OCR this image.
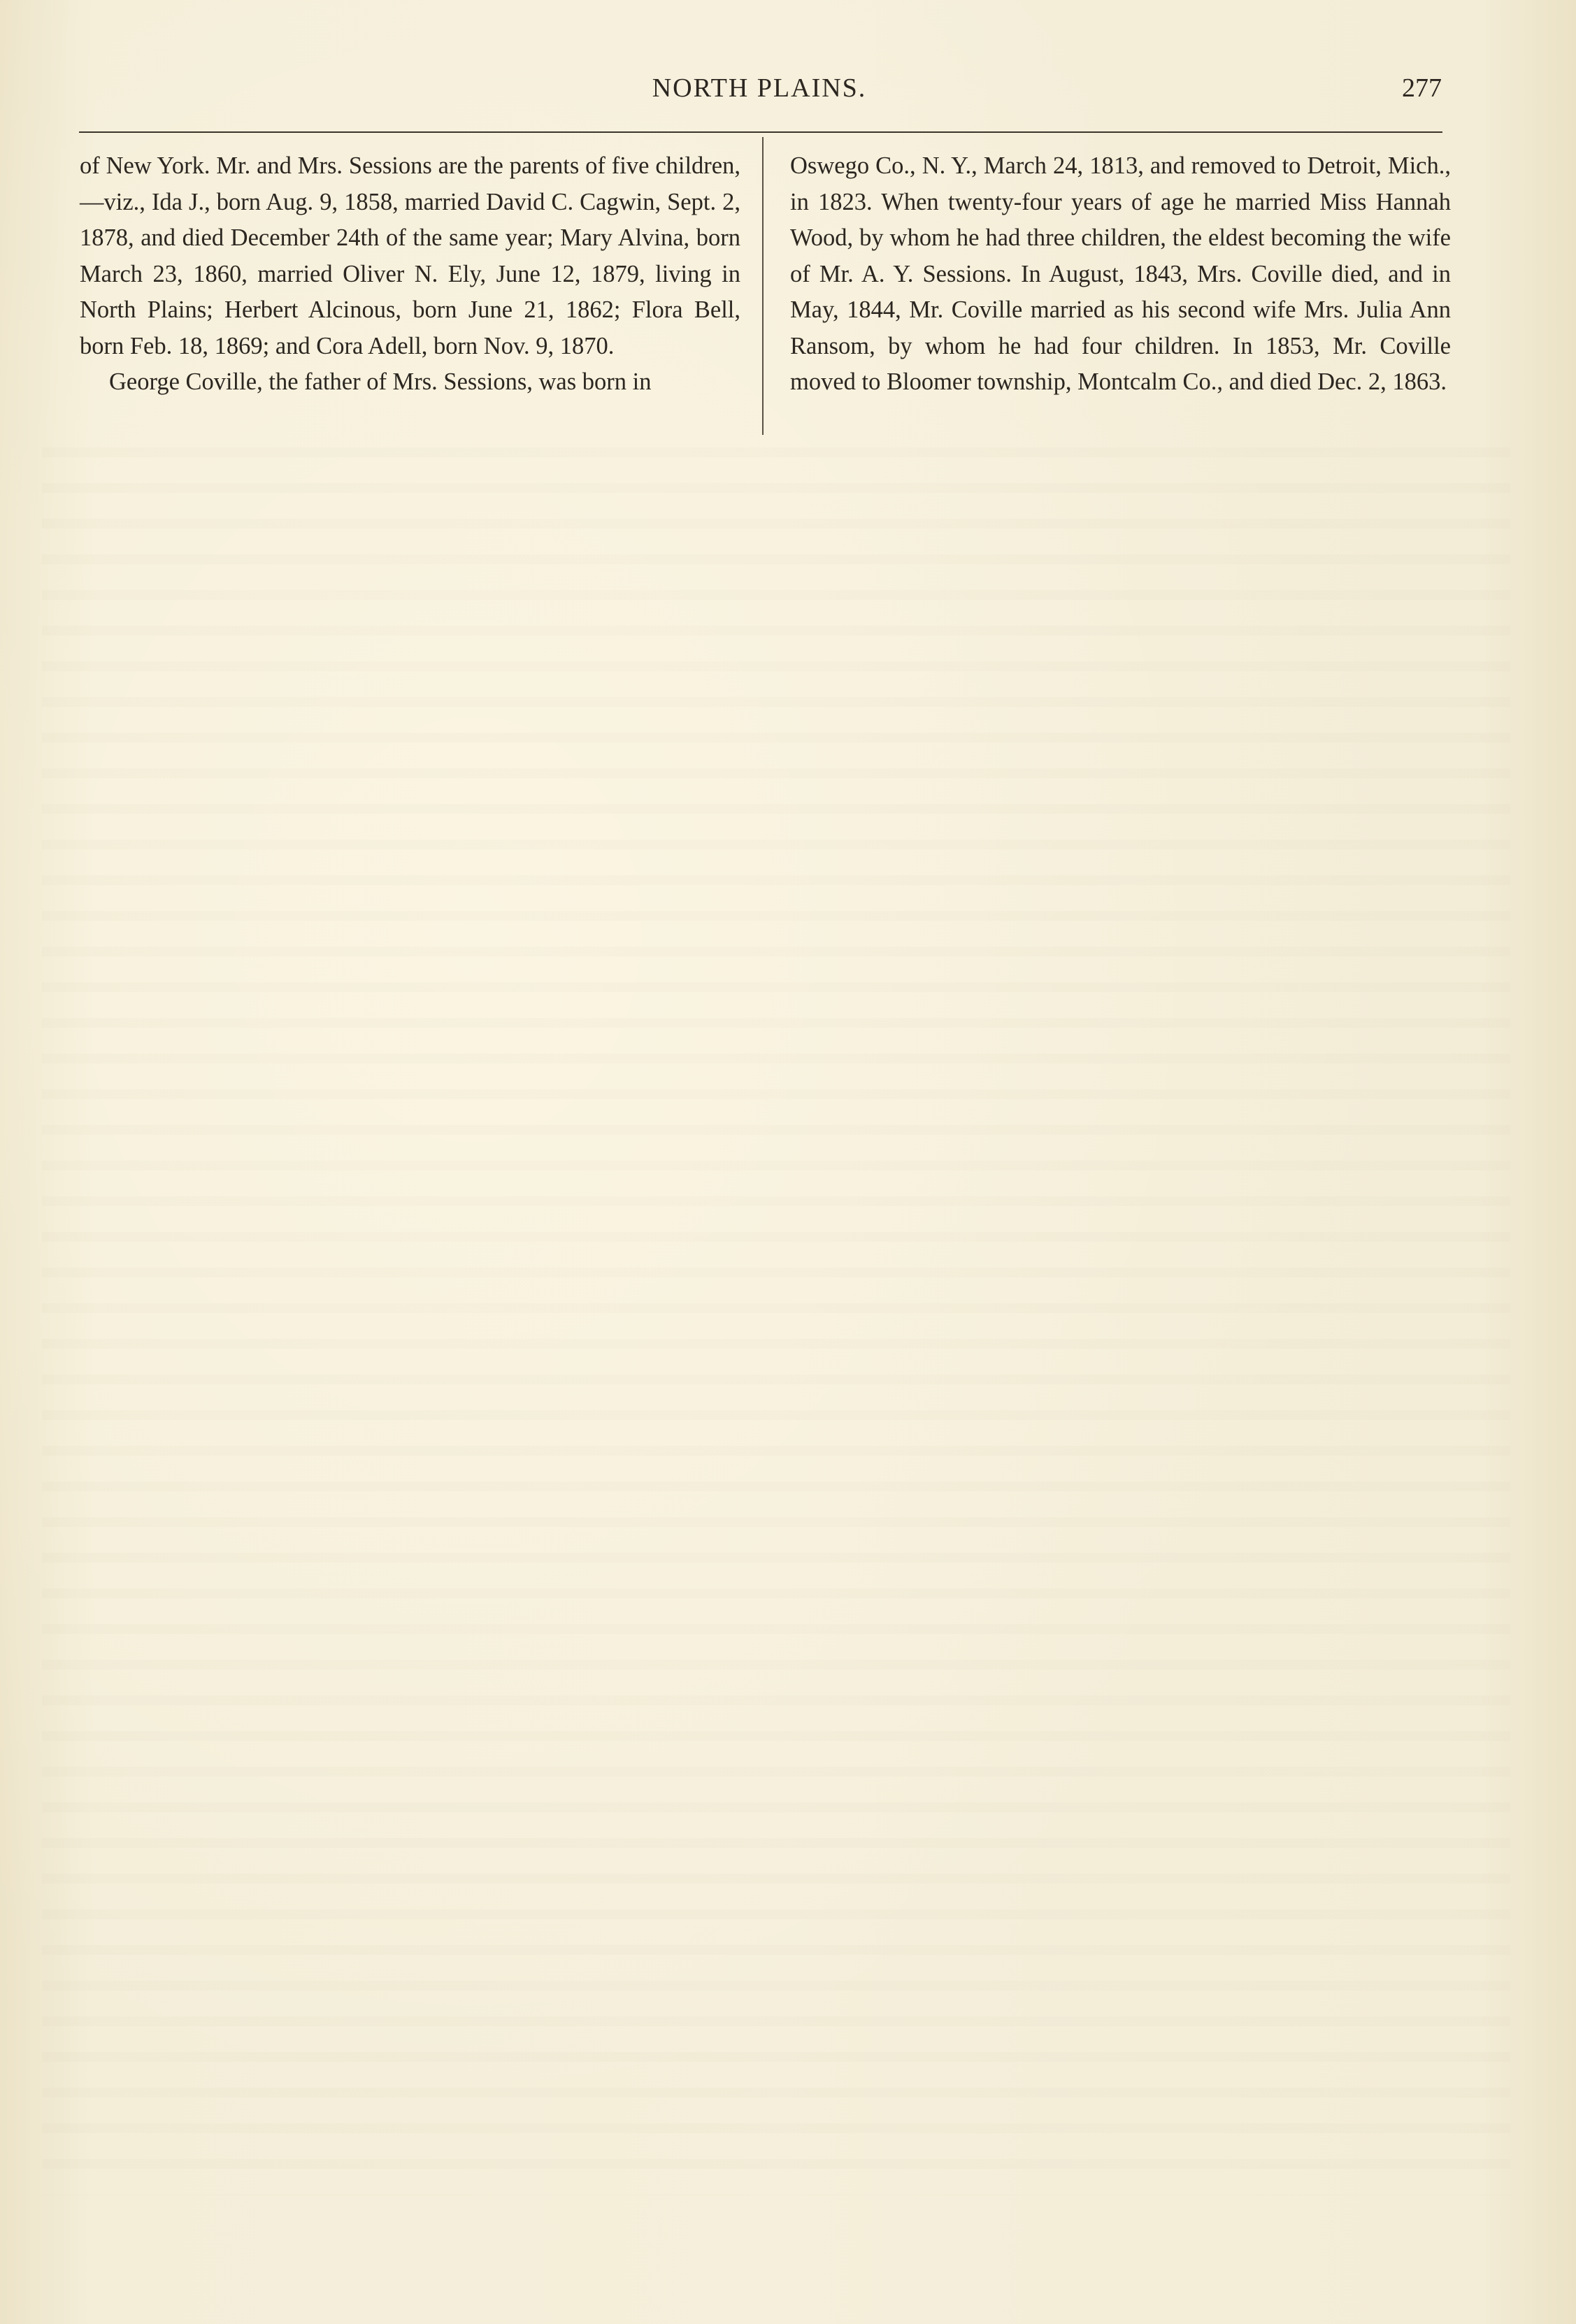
NORTH PLAINS.	277

of New York. Mr. and Mrs. Sessions are the parents of five children,—viz., Ida J., born Aug. 9, 1858, married David C. Cagwin, Sept. 2, 1878, and died December 24th of the same year; Mary Alvina, born March 23, 1860, married Oliver N. Ely, June 12, 1879, living in North Plains; Herbert Alcinous, born June 21, 1862; Flora Bell, born Feb. 18, 1869; and Cora Adell, born Nov. 9, 1870.

George Coville, the father of Mrs. Sessions, was born in

Oswego Co., N. Y., March 24, 1813, and removed to Detroit, Mich., in 1823. When twenty-four years of age he married Miss Hannah Wood, by whom he had three children, the eldest becoming the wife of Mr. A. Y. Sessions. In August, 1843, Mrs. Coville died, and in May, 1844, Mr. Coville married as his second wife Mrs. Julia Ann Ransom, by whom he had four children. In 1853, Mr. Coville moved to Bloomer township, Montcalm Co., and died Dec. 2, 1863.
